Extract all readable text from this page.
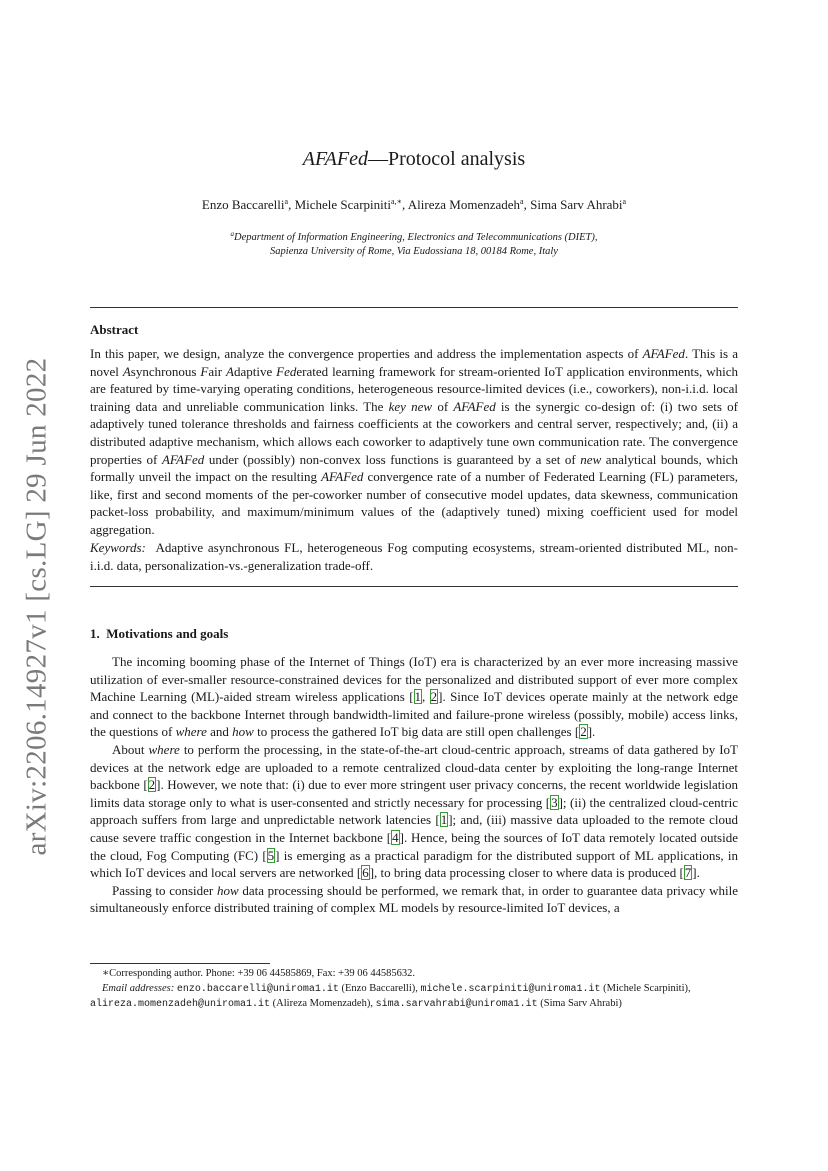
arXiv:2206.14927v1 [cs.LG] 29 Jun 2022
AFAFed—Protocol analysis
Enzo Baccarelli$^a$, Michele Scarpiniti$^{a,∗}$, Alireza Momenzadeh$^a$, Sima Sarv Ahrabi$^a$
$^a$Department of Information Engineering, Electronics and Telecommunications (DIET),
Sapienza University of Rome, Via Eudossiana 18, 00184 Rome, Italy
Abstract

In this paper, we design, analyze the convergence properties and address the implementation aspects of AFAFed. This is a novel Asynchronous Fair Adaptive Federated learning framework for stream-oriented IoT application environments, which are featured by time-varying operating conditions, heterogeneous resource-limited devices (i.e., coworkers), non-i.i.d. local training data and unreliable communication links. The key new of AFAFed is the synergic co-design of: (i) two sets of adaptively tuned tolerance thresholds and fairness coefficients at the coworkers and central server, respectively; and, (ii) a distributed adaptive mechanism, which allows each coworker to adaptively tune own communication rate. The convergence properties of AFAFed under (possibly) non-convex loss functions is guaranteed by a set of new analytical bounds, which formally unveil the impact on the resulting AFAFed convergence rate of a number of Federated Learning (FL) parameters, like, first and second moments of the per-coworker number of consecutive model updates, data skewness, communication packet-loss probability, and maximum/minimum values of the (adaptively tuned) mixing coefficient used for model aggregation.

Keywords: Adaptive asynchronous FL, heterogeneous Fog computing ecosystems, stream-oriented distributed ML, non-i.i.d. data, personalization-vs.-generalization trade-off.

1. Motivations and goals

The incoming booming phase of the Internet of Things (IoT) era is characterized by an ever more increasing massive utilization of ever-smaller resource-constrained devices for the personalized and distributed support of ever more complex Machine Learning (ML)-aided stream wireless applications [1, 2]. Since IoT devices operate mainly at the network edge and connect to the backbone Internet through bandwidth-limited and failure-prone wireless (possibly, mobile) access links, the questions of where and how to process the gathered IoT big data are still open challenges [2].

About where to perform the processing, in the state-of-the-art cloud-centric approach, streams of data gathered by IoT devices at the network edge are uploaded to a remote centralized cloud-data center by exploiting the long-range Internet backbone [2]. However, we note that: (i) due to ever more stringent user privacy concerns, the recent worldwide legislation limits data storage only to what is user-consented and strictly necessary for processing [3]; (ii) the centralized cloud-centric approach suffers from large and unpredictable network latencies [1]; and, (iii) massive data uploaded to the remote cloud cause severe traffic congestion in the Internet backbone [4]. Hence, being the sources of IoT data remotely located outside the cloud, Fog Computing (FC) [5] is emerging as a practical paradigm for the distributed support of ML applications, in which IoT devices and local servers are networked [6], to bring data processing closer to where data is produced [7].

Passing to consider how data processing should be performed, we remark that, in order to guarantee data privacy while simultaneously enforce distributed training of complex ML models by resource-limited IoT devices, a

∗Corresponding author. Phone: +39 06 44585869, Fax: +39 06 44585632.

Email addresses: enzo.baccarelli@uniroma1.it (Enzo Baccarelli), michele.scarpiniti@uniroma1.it (Michele Scarpiniti), alireza.momenzadeh@uniroma1.it (Alireza Momenzadeh), sima.sarvahrabi@uniroma1.it (Sima Sarv Ahrabi)
